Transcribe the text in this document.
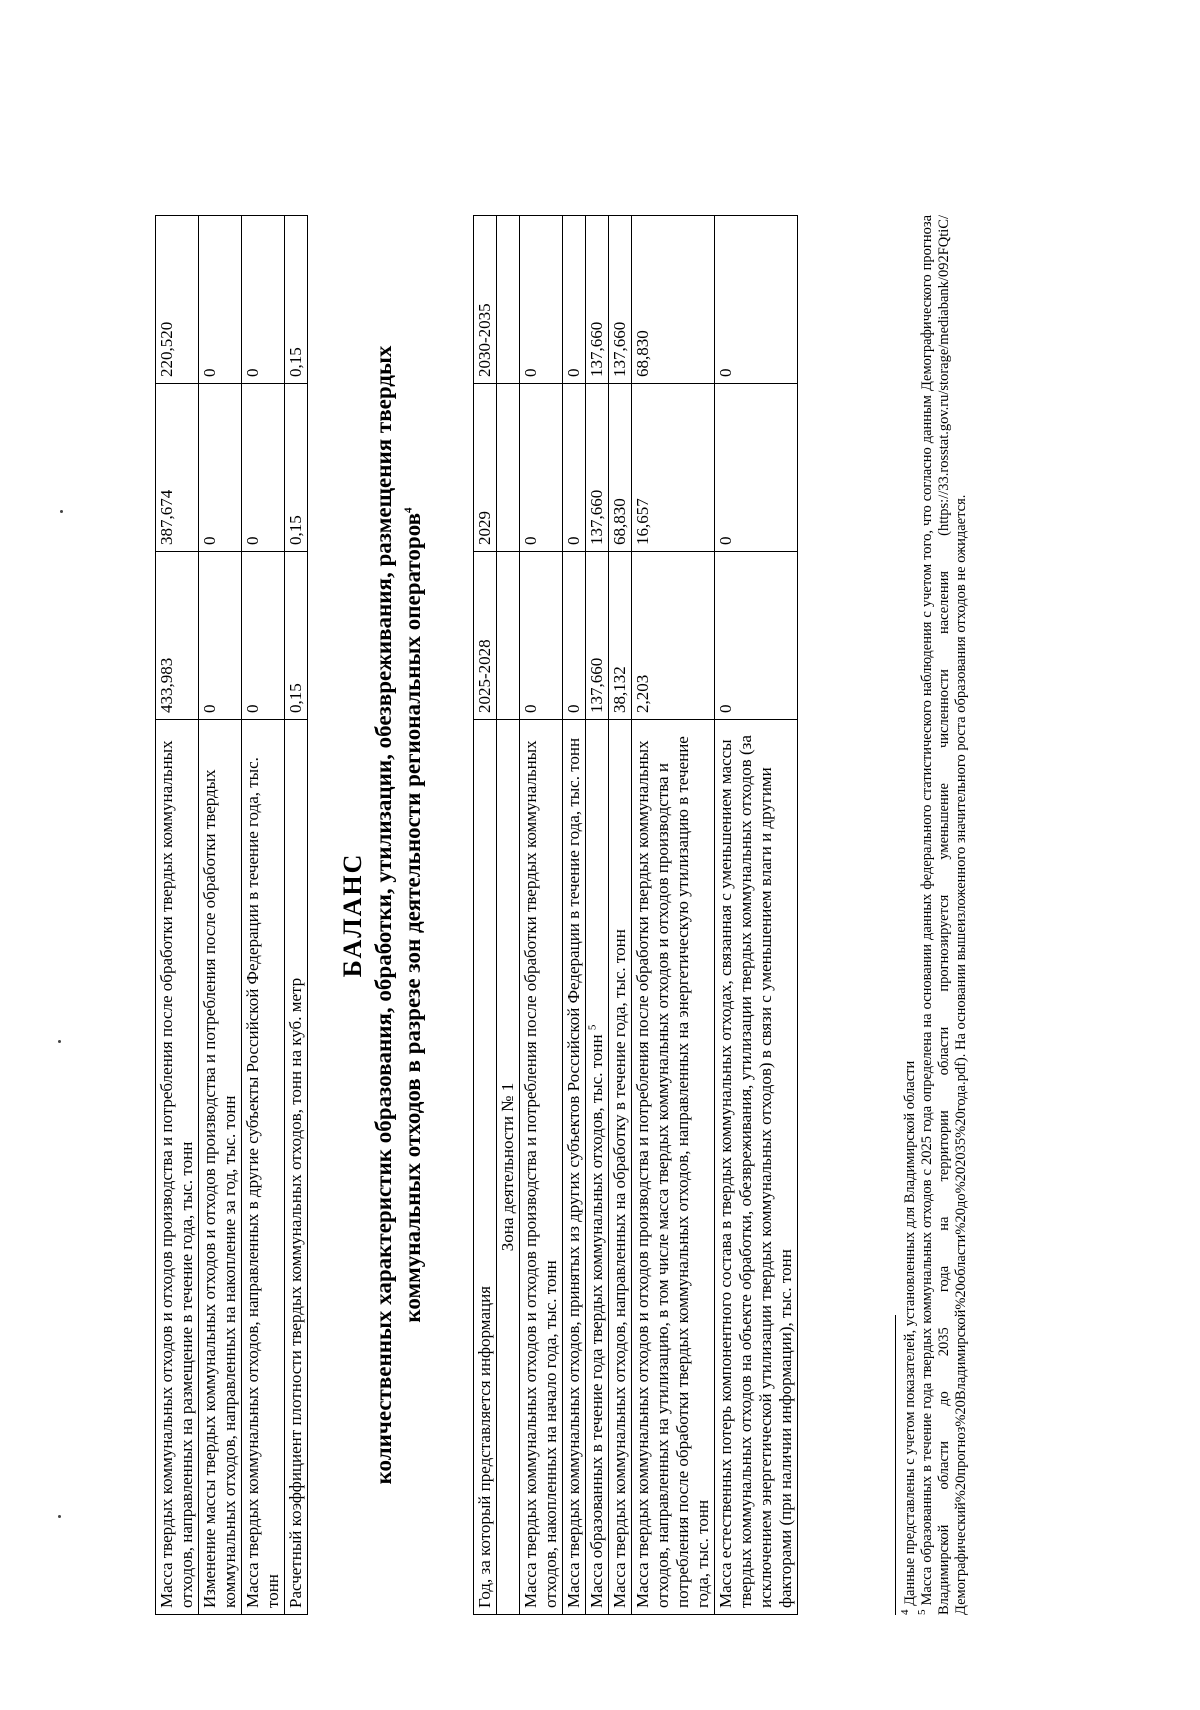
Масса твердых коммунальных отходов и отходов производства и потребления после обработки твердых коммунальных отходов, направленных на размещение в течение года, тыс. тонн	433,983	387,674	220,520
Изменение массы твердых коммунальных отходов и отходов производства и потребления после обработки твердых коммунальных отходов, направленных на накопление за год, тыс. тонн	0	0	0
Масса твердых коммунальных отходов, направленных в другие субъекты Российской Федерации в течение года, тыс. тонн	0	0	0
Расчетный коэффициент плотности твердых коммунальных отходов, тонн на куб. метр	0,15	0,15	0,15
БАЛАНС количественных характеристик образования, обработки, утилизации, обезвреживания, размещения твердых коммунальных отходов в разрезе зон деятельности региональных операторов$^4$
Год, за который представляется информация	2025-2028	2029	2030-2035
Зона деятельности № 1			
Масса твердых коммунальных отходов и отходов производства и потребления после обработки твердых коммунальных отходов, накопленных на начало года, тыс. тонн	0	0	0
Масса твердых коммунальных отходов, принятых из других субъектов Российской Федерации в течение года, тыс. тонн	0	0	0
Масса образованных в течение года твердых коммунальных отходов, тыс. тонн $^5$	137,660	137,660	137,660
Масса твердых коммунальных отходов, направленных на обработку в течение года, тыс. тонн	38,132	68,830	137,660
Масса твердых коммунальных отходов и отходов производства и потребления после обработки твердых коммунальных отходов, направленных на утилизацию, в том числе масса твердых коммунальных отходов и отходов производства и потребления после обработки твердых коммунальных отходов, направленных на энергетическую утилизацию в течение года, тыс. тонн	2,203	16,657	68,830
Масса естественных потерь компонентного состава в твердых коммунальных отходах, связанная с уменьшением массы твердых коммунальных отходов на объекте обработки, обезвреживания, утилизации твердых коммунальных отходов (за исключением энергетической утилизации твердых коммунальных отходов) в связи с уменьшением влаги и другими факторами (при наличии информации), тыс. тонн	0	0	0

$^4$ Данные представлены с учетом показателей, установленных для Владимирской области

$^5$ Масса образованных в течение года твердых коммунальных отходов с 2025 года определена на основании данных федерального статистического наблюдения с учетом того, что согласно данным Демографического прогноза Владимирской области до 2035 года на территории области прогнозируется уменьшение численности населения (https://33.rosstat.gov.ru/storage/mediabank/092FQtiC/Демографический%20прогноз%20Владимирской%20области%20до%202035%20года.pdf). На основании вышеизложенного значительного роста образования отходов не ожидается.
